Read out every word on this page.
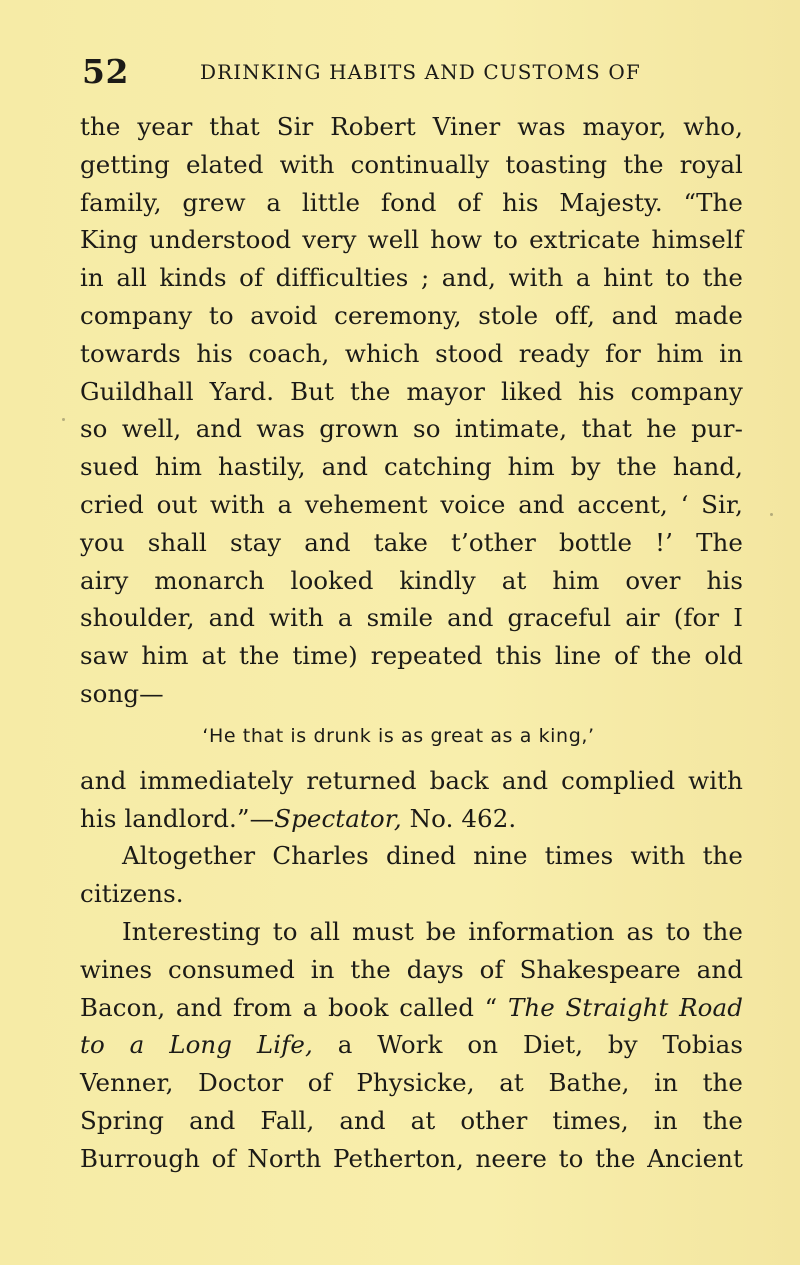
52	DRINKING HABITS AND CUSTOMS OF
the year that Sir Robert Viner was mayor, who,
getting elated with continually toasting the royal
family, grew a little fond of his Majesty. “The
King understood very well how to extricate himself
in all kinds of difficulties ; and, with a hint to the
company to avoid ceremony, stole off, and made
towards his coach, which stood ready for him in
Guildhall Yard. But the mayor liked his company
so well, and was grown so intimate, that he pur-
sued him hastily, and catching him by the hand,
cried out with a vehement voice and accent, ‘ Sir,
you shall stay and take t’other bottle !’ The
airy monarch looked kindly at him over his
shoulder, and with a smile and graceful air (for I
saw him at the time) repeated this line of the old
song—
‘He that is drunk is as great as a king,’
and immediately returned back and complied with
his landlord.”—Spectator, No. 462.
Altogether Charles dined nine times with the
citizens.
Interesting to all must be information as to the
wines consumed in the days of Shakespeare and
Bacon, and from a book called “ The Straight Road
to a Long Life, a Work on Diet, by Tobias
Venner, Doctor of Physicke, at Bathe, in the
Spring and Fall, and at other times, in the
Burrough of North Petherton, neere to the Ancient
